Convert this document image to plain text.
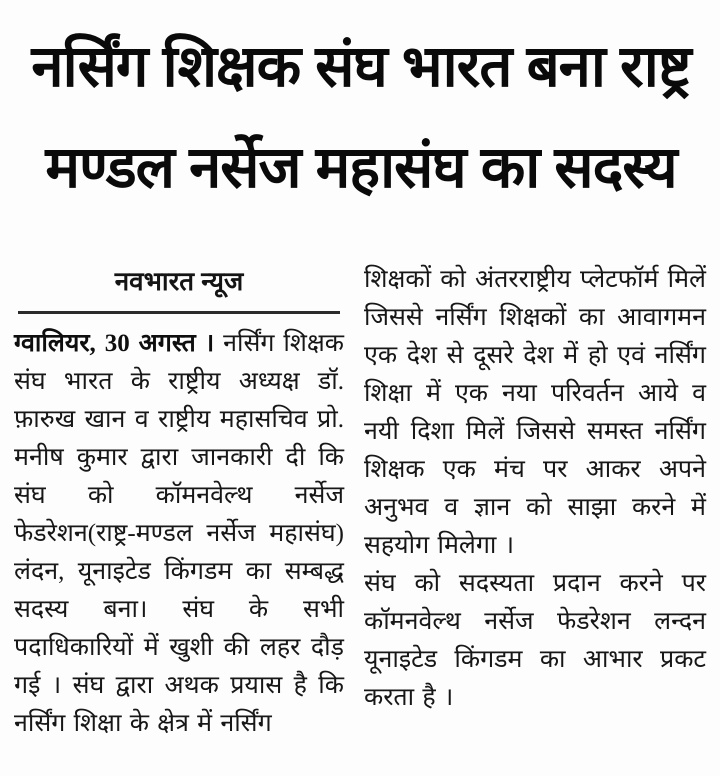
नर्सिंग शिक्षक संघ भारत बना राष्ट्र
मण्डल नर्सेज महासंघ का सदस्य

नवभारत न्यूज

ग्वालियर, 30 अगस्त । नर्सिंग शिक्षक संघ भारत के राष्ट्रीय अध्यक्ष डॉ. फ़ारुख खान व राष्ट्रीय महासचिव प्रो. मनीष कुमार द्वारा जानकारी दी कि संघ को कॉमनवेल्थ नर्सेज फेडरेशन(राष्ट्र-मण्डल नर्सेज महासंघ) लंदन, यूनाइटेड किंगडम का सम्बद्ध सदस्य बना। संघ के सभी पदाधिकारियों में खुशी की लहर दौड़ गई । संघ द्वारा अथक प्रयास है कि नर्सिंग शिक्षा के क्षेत्र में नर्सिंग

शिक्षकों को अंतरराष्ट्रीय प्लेटफॉर्म मिलें जिससे नर्सिंग शिक्षकों का आवागमन एक देश से दूसरे देश में हो एवं नर्सिंग शिक्षा में एक नया परिवर्तन आये व नयी दिशा मिलें जिससे समस्त नर्सिंग शिक्षक एक मंच पर आकर अपने अनुभव व ज्ञान को साझा करने में सहयोग मिलेगा ।

संघ को सदस्यता प्रदान करने पर कॉमनवेल्थ नर्सेज फेडरेशन लन्दन यूनाइटेड किंगडम का आभार प्रकट करता है ।
